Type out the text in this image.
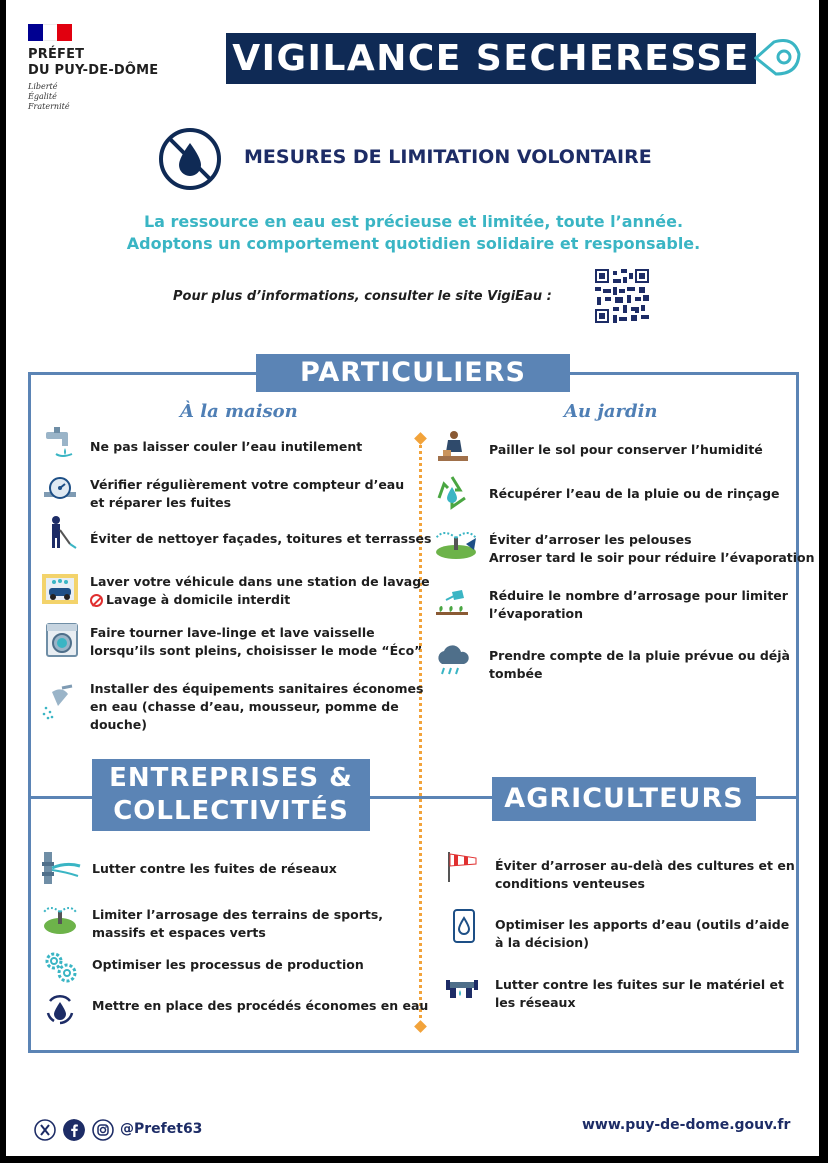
PRÉFET
DU PUY-DE-DÔME
Liberté
Égalité
Fraternité
VIGILANCE SECHERESSE
MESURES DE LIMITATION VOLONTAIRE
La ressource en eau est précieuse et limitée, toute l’année.
Adoptons un comportement quotidien solidaire et responsable.
Pour plus d’informations, consulter le site VigiEau :
PARTICULIERS
À la maison	Au jardin
Ne pas laisser couler l’eau inutilement
Vérifier régulièrement votre compteur d’eau
et réparer les fuites
Éviter de nettoyer façades, toitures et terrasses
Laver votre véhicule dans une station de lavage
Lavage à domicile interdit
Faire tourner lave-linge et lave vaisselle
lorsqu’ils sont pleins, choisisser le mode “Éco”
Installer des équipements sanitaires économes
en eau (chasse d’eau, mousseur, pomme de
douche)
Pailler le sol pour conserver l’humidité
Récupérer l’eau de la pluie ou de rinçage
Éviter d’arroser les pelouses
Arroser tard le soir pour réduire l’évaporation
Réduire le nombre d’arrosage pour limiter
l’évaporation
Prendre compte de la pluie prévue ou déjà
tombée
ENTREPRISES &
COLLECTIVITÉS
Lutter contre les fuites de réseaux
Limiter l’arrosage des terrains de sports,
massifs et espaces verts
Optimiser les processus de production
Mettre en place des procédés économes en eau
AGRICULTEURS
Éviter d’arroser au-delà des cultures et en
conditions venteuses
Optimiser les apports d’eau (outils d’aide
à la décision)
Lutter contre les fuites sur le matériel et
les réseaux
@Prefet63	www.puy-de-dome.gouv.fr
